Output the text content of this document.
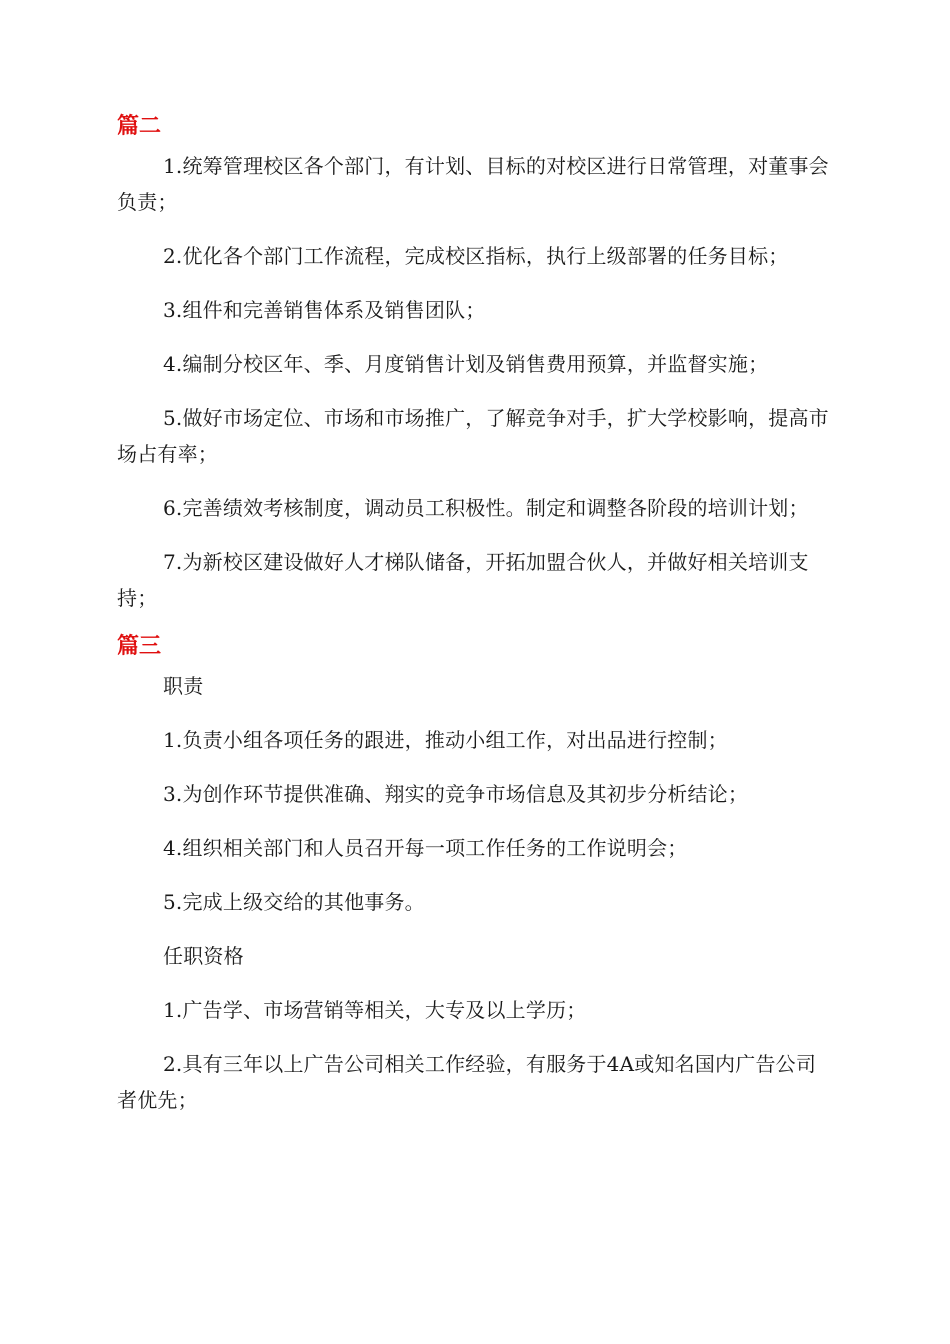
篇二

1.统筹管理校区各个部门，有计划、目标的对校区进行日常管理，对董事会负责；

2.优化各个部门工作流程，完成校区指标，执行上级部署的任务目标；

3.组件和完善销售体系及销售团队；

4.编制分校区年、季、月度销售计划及销售费用预算，并监督实施；

5.做好市场定位、市场和市场推广，了解竞争对手，扩大学校影响，提高市场占有率；

6.完善绩效考核制度，调动员工积极性。制定和调整各阶段的培训计划；

7.为新校区建设做好人才梯队储备，开拓加盟合伙人，并做好相关培训支持；

篇三

职责

1.负责小组各项任务的跟进，推动小组工作，对出品进行控制；

3.为创作环节提供准确、翔实的竞争市场信息及其初步分析结论；

4.组织相关部门和人员召开每一项工作任务的工作说明会；

5.完成上级交给的其他事务。

任职资格

1.广告学、市场营销等相关，大专及以上学历；

2.具有三年以上广告公司相关工作经验，有服务于4A或知名国内广告公司者优先；
